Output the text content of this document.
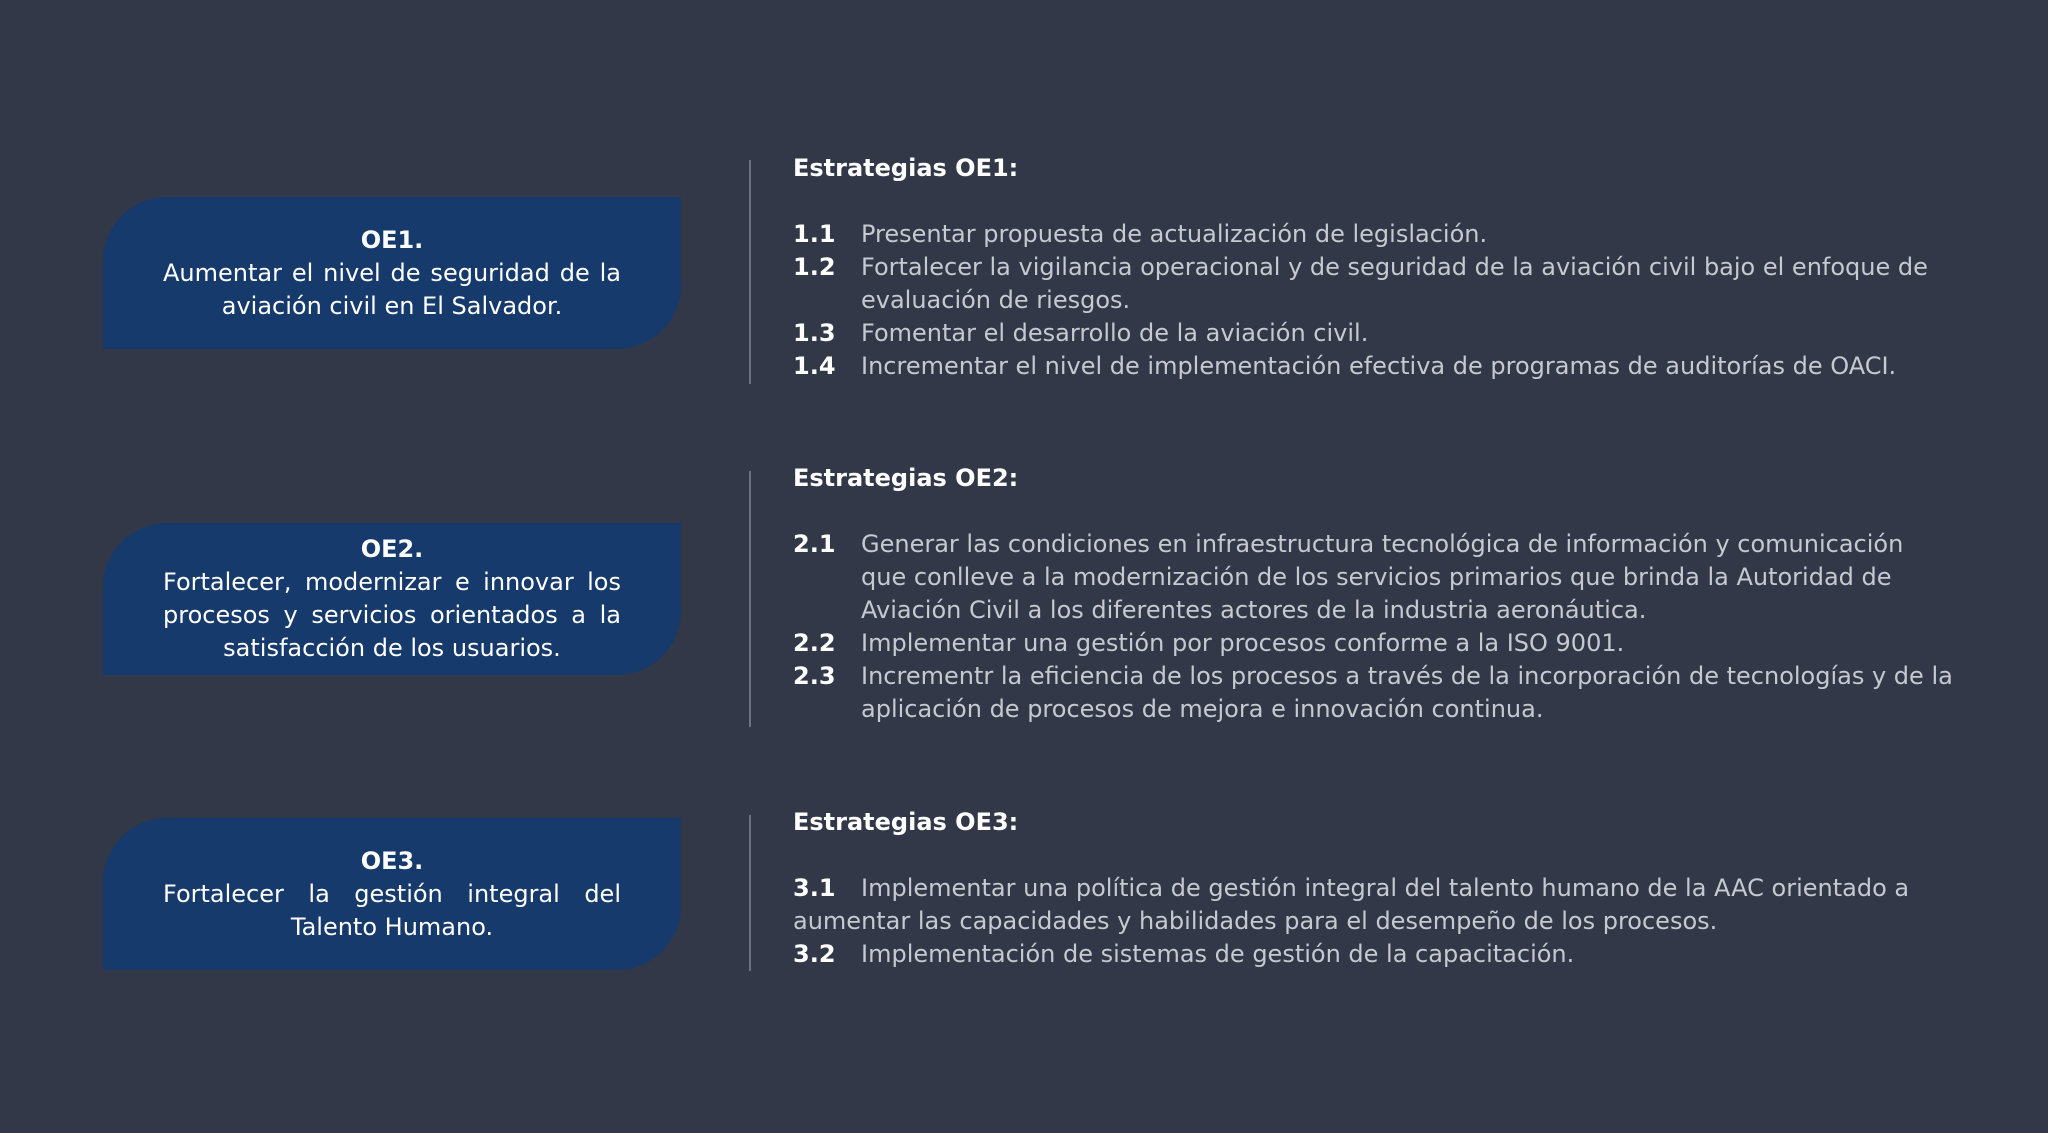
OE1.
Aumentar el nivel de seguridad de la aviación civil en El Salvador.
OE2.
Fortalecer, modernizar e innovar los procesos y servicios orientados a la satisfacción de los usuarios.
OE3.
Fortalecer la gestión integral del Talento Humano.
Estrategias OE1:
1.1	Presentar propuesta de actualización de legislación.
1.2	Fortalecer la vigilancia operacional y de seguridad de la aviación civil bajo el enfoque de evaluación de riesgos.
1.3	Fomentar el desarrollo de la aviación civil.
1.4	Incrementar el nivel de implementación efectiva de programas de auditorías de OACI.
Estrategias OE2:
2.1	Generar las condiciones en infraestructura tecnológica de información y comunicación que conlleve a la modernización de los servicios primarios que brinda la Autoridad de Aviación Civil a los diferentes actores de la industria aeronáutica.
2.2	Implementar una gestión por procesos conforme a la ISO 9001.
2.3	Incrementr la eficiencia de los procesos a través de la incorporación de tecnologías y de la aplicación de procesos de mejora e innovación continua.
Estrategias OE3:
3.1 Implementar una política de gestión integral del talento humano de la AAC orientado a aumentar las capacidades y habilidades para el desempeño de los procesos.
3.2	Implementación de sistemas de gestión de la capacitación.
